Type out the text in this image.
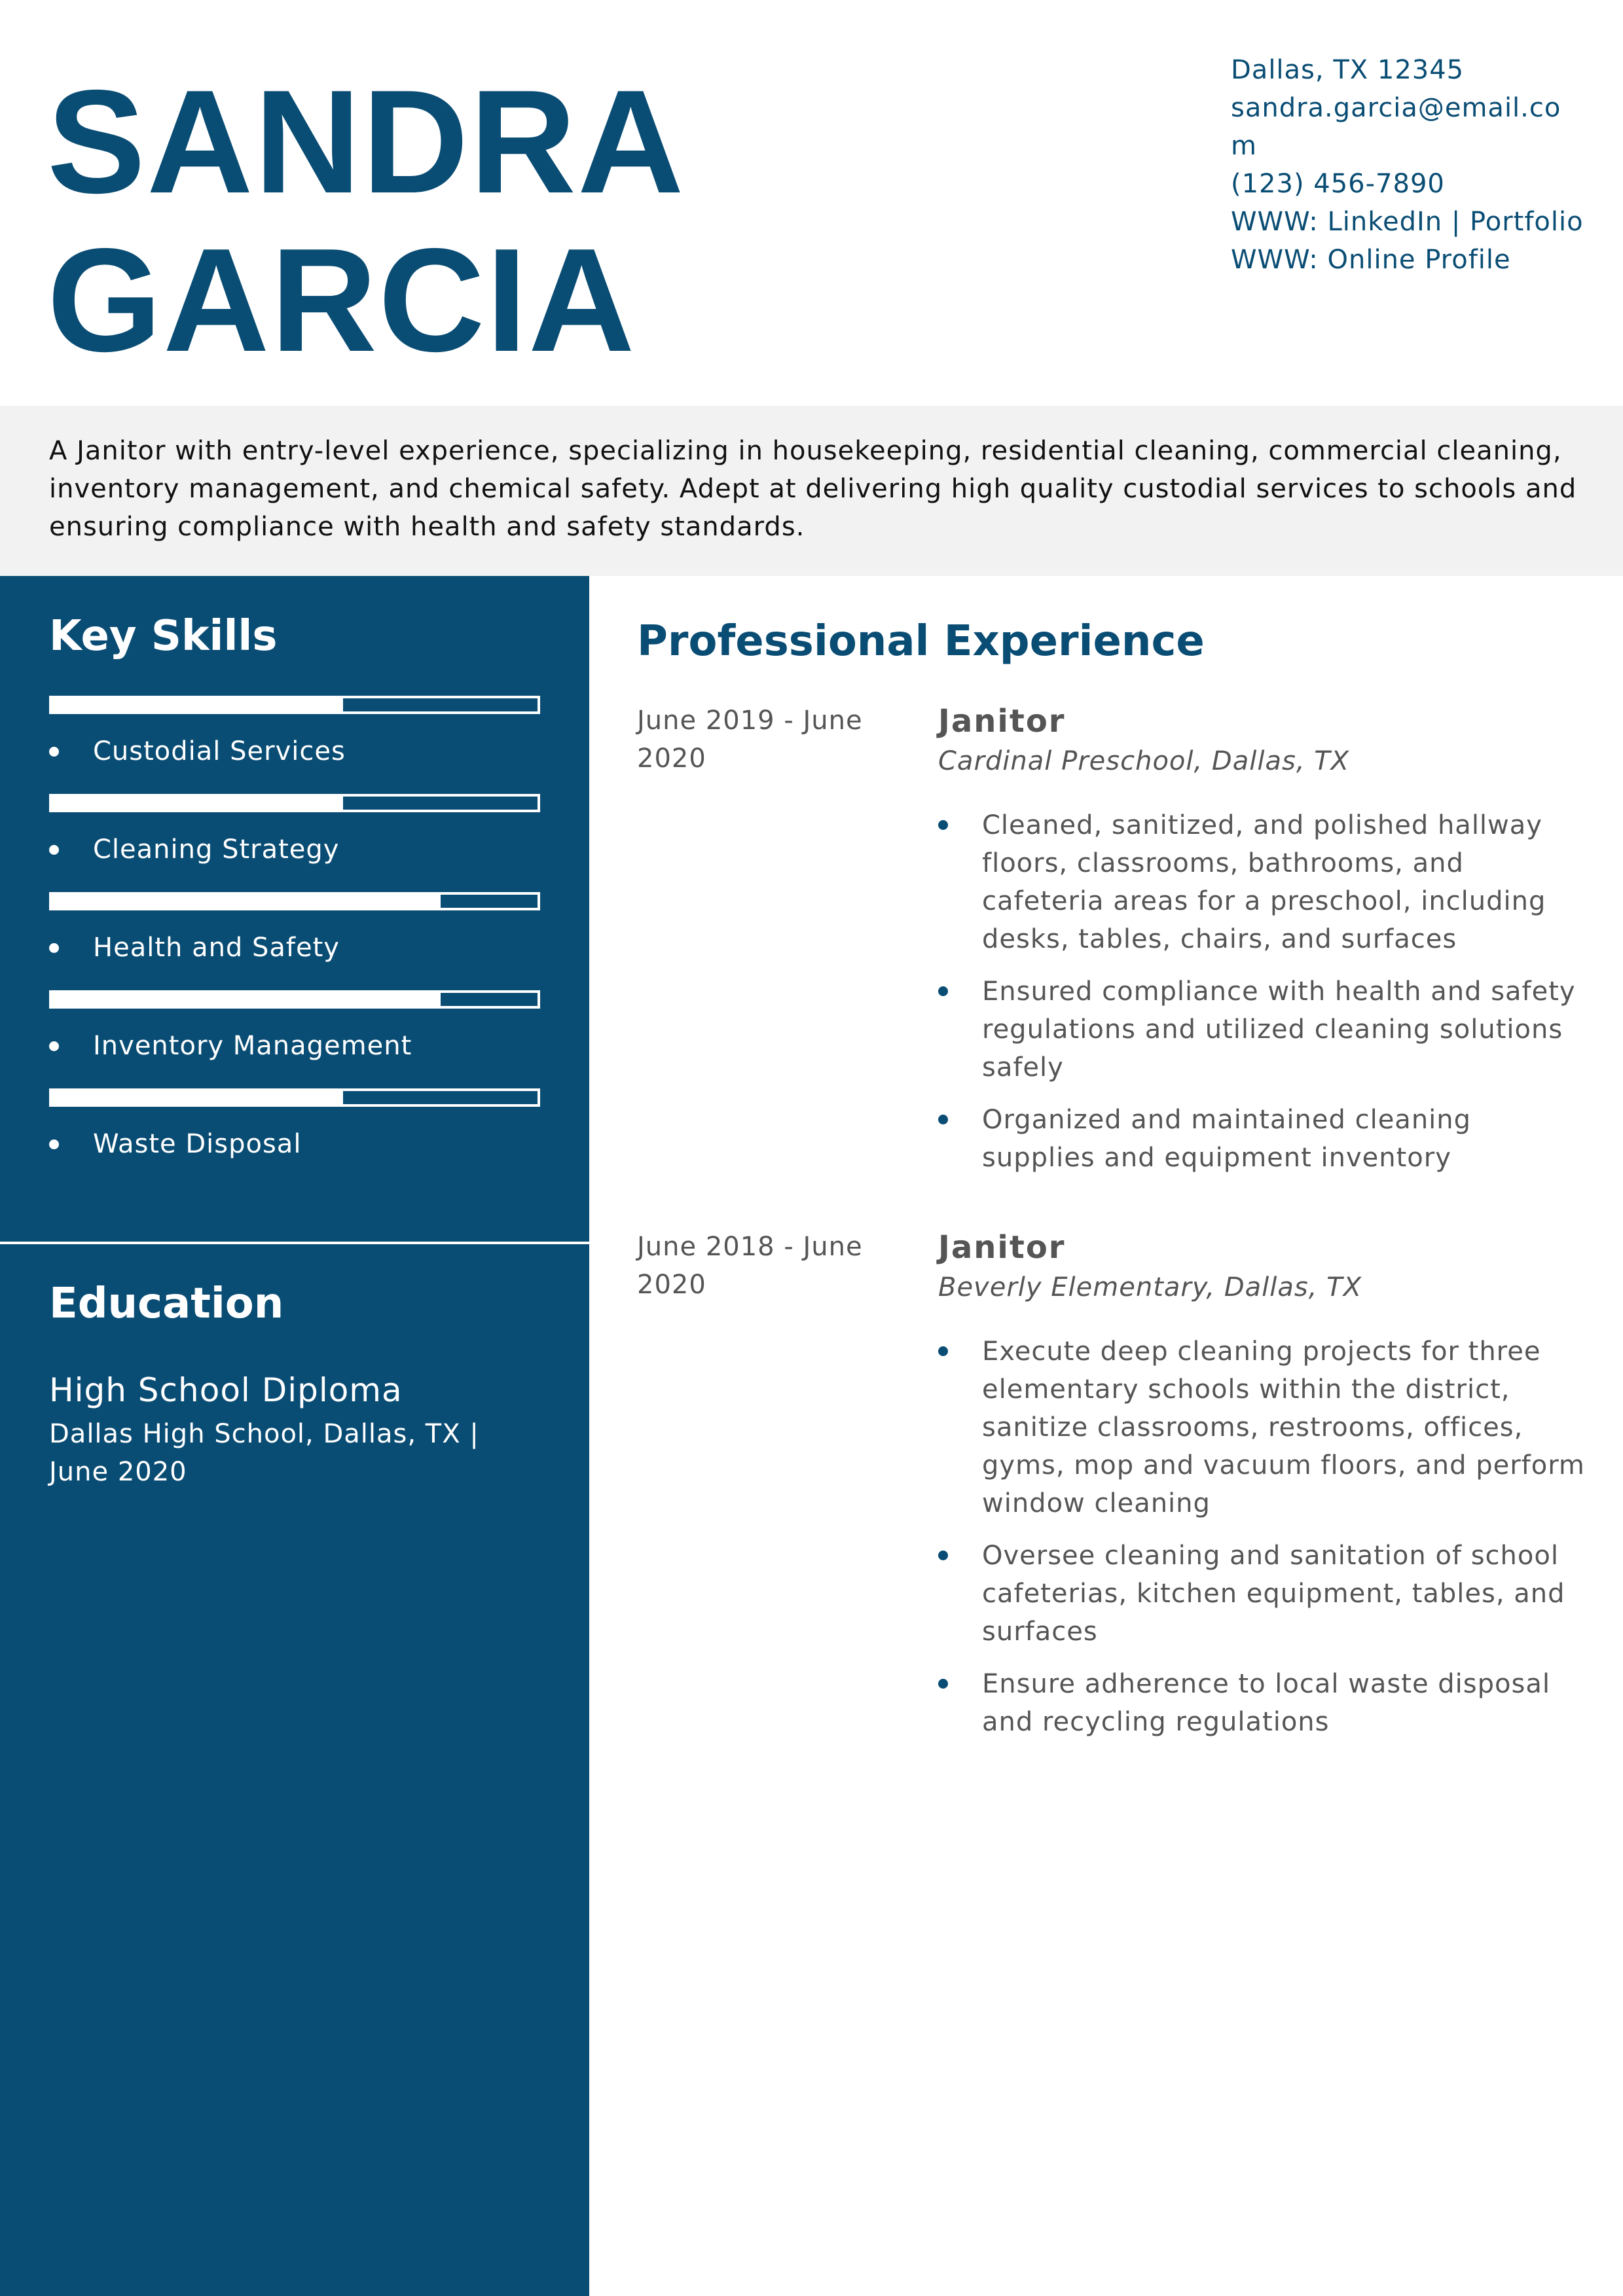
SANDRA
GARCIA
Dallas, TX 12345
sandra.garcia@email.com
(123) 456-7890
WWW: LinkedIn | Portfolio
WWW: Online Profile

A Janitor with entry-level experience, specializing in housekeeping, residential cleaning, commercial cleaning, inventory management, and chemical safety. Adept at delivering high quality custodial services to schools and ensuring compliance with health and safety standards.

Key Skills
Custodial Services
Cleaning Strategy
Health and Safety
Inventory Management
Waste Disposal
Education
High School Diploma
Dallas High School, Dallas, TX | June 2020
Professional Experience
June 2019 - June 2020
Janitor
Cardinal Preschool, Dallas, TX
Cleaned, sanitized, and polished hallway floors, classrooms, bathrooms, and cafeteria areas for a preschool, including desks, tables, chairs, and surfaces
Ensured compliance with health and safety regulations and utilized cleaning solutions safely
Organized and maintained cleaning supplies and equipment inventory
June 2018 - June 2020
Janitor
Beverly Elementary, Dallas, TX
Execute deep cleaning projects for three elementary schools within the district, sanitize classrooms, restrooms, offices, gyms, mop and vacuum floors, and perform window cleaning
Oversee cleaning and sanitation of school cafeterias, kitchen equipment, tables, and surfaces
Ensure adherence to local waste disposal and recycling regulations
